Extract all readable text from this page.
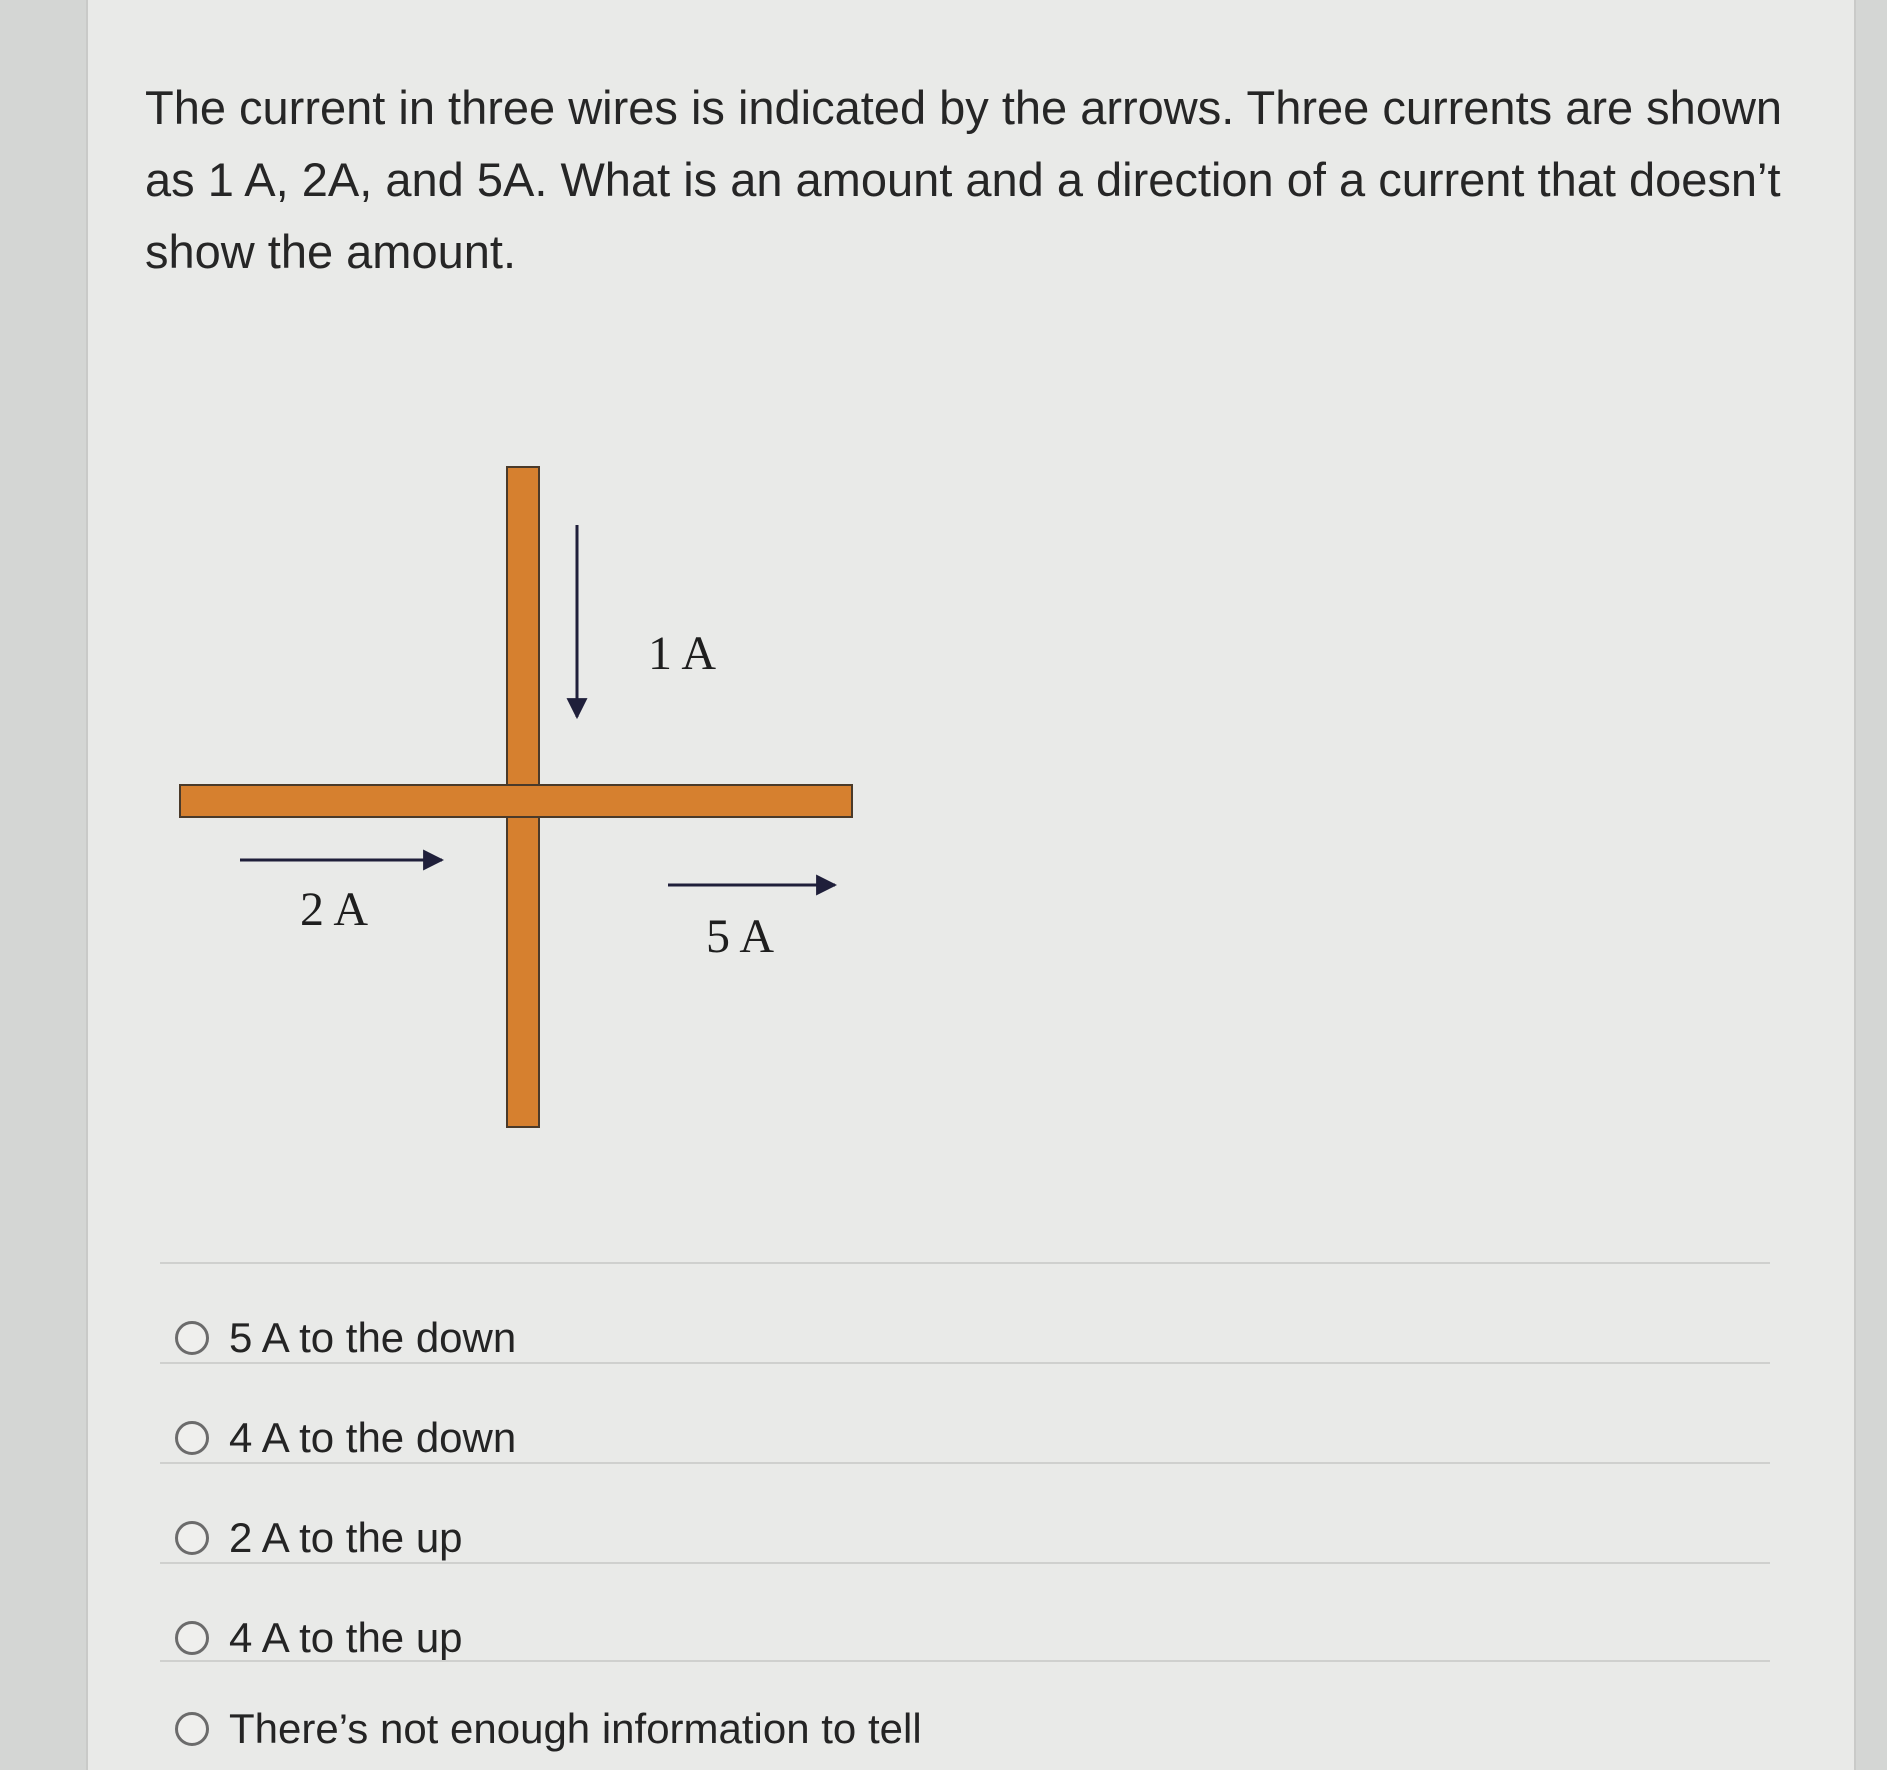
The current in three wires is indicated by the arrows. Three currents are shown as 1 A, 2A, and 5A. What is an amount and a direction of a current that doesn’t show the amount.

1 A
2 A
5 A
5 A to the down
4 A to the down
2 A to the up
4 A to the up
There’s not enough information to tell
